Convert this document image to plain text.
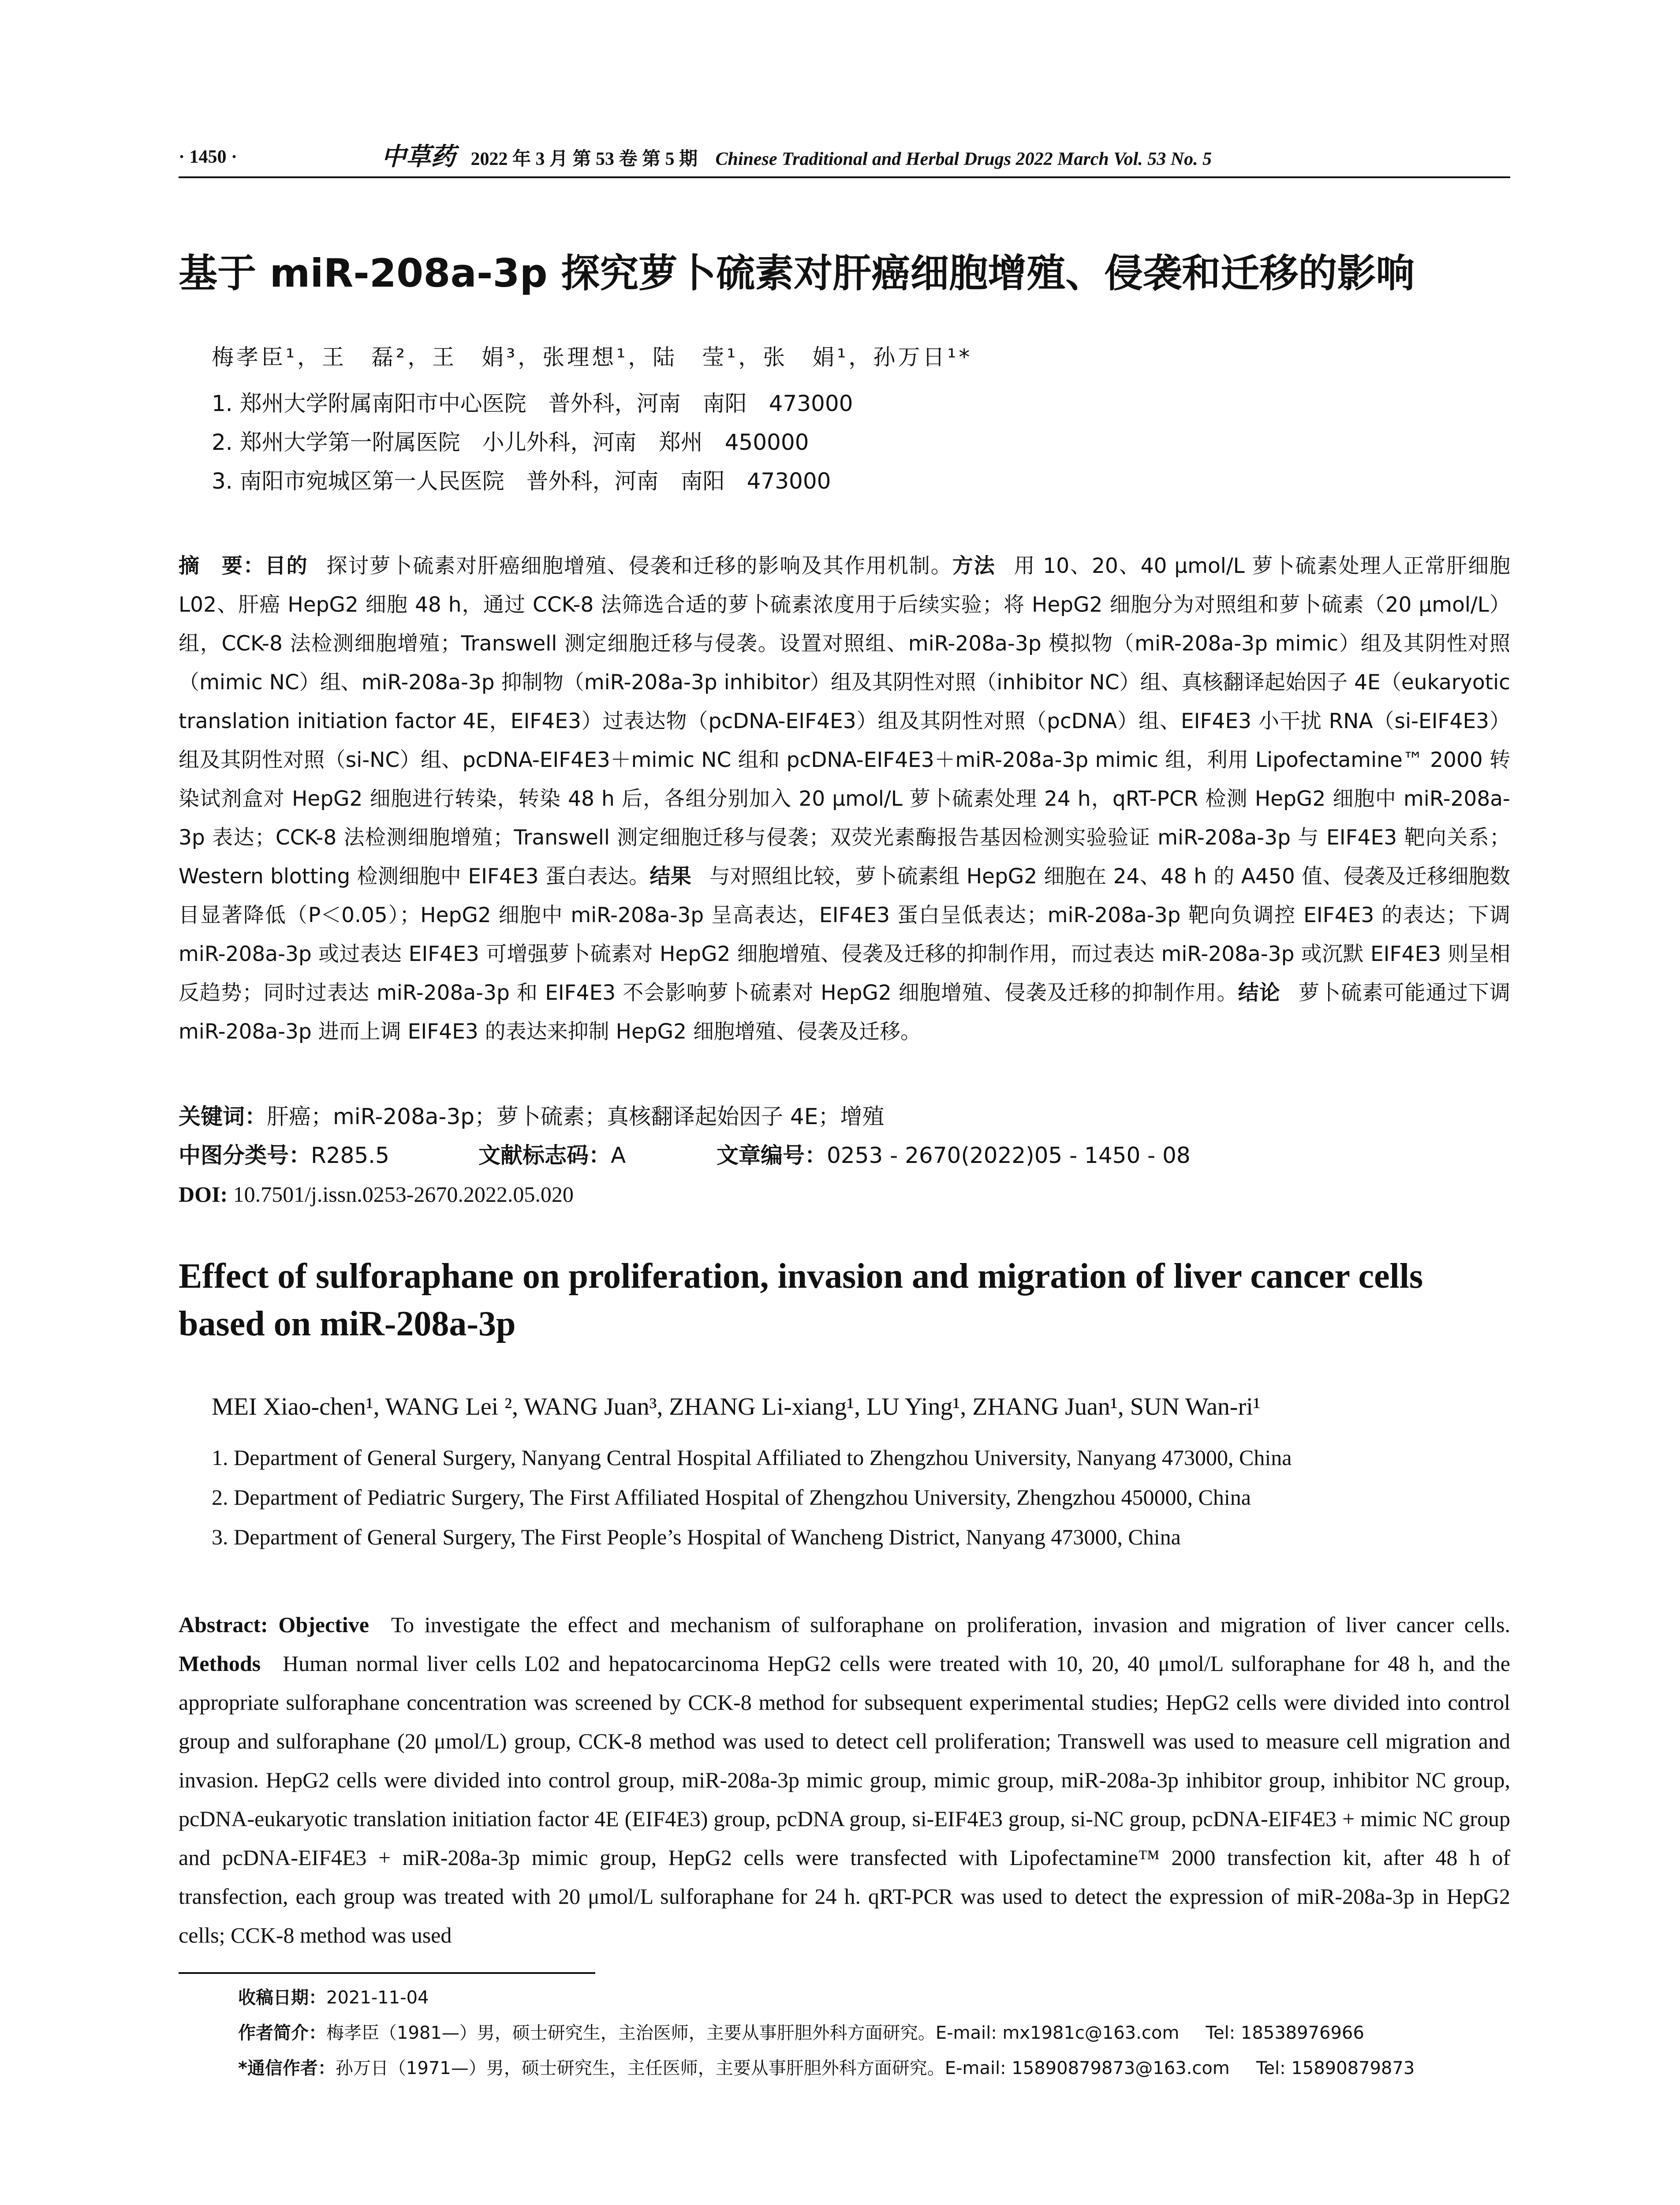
· 1450 ·	中草药 2022 年 3 月 第 53 卷 第 5 期 Chinese Traditional and Herbal Drugs 2022 March Vol. 53 No. 5
基于 miR-208a-3p 探究萝卜硫素对肝癌细胞增殖、侵袭和迁移的影响
梅孝臣¹，王　磊²，王　娟³，张理想¹，陆　莹¹，张　娟¹，孙万日¹*
1. 郑州大学附属南阳市中心医院　普外科，河南　南阳　473000
2. 郑州大学第一附属医院　小儿外科，河南　郑州　450000
3. 南阳市宛城区第一人民医院　普外科，河南　南阳　473000
摘　要：目的 探讨萝卜硫素对肝癌细胞增殖、侵袭和迁移的影响及其作用机制。方法 用 10、20、40 μmol/L 萝卜硫素处理人正常肝细胞 L02、肝癌 HepG2 细胞 48 h，通过 CCK-8 法筛选合适的萝卜硫素浓度用于后续实验；将 HepG2 细胞分为对照组和萝卜硫素（20 μmol/L）组，CCK-8 法检测细胞增殖；Transwell 测定细胞迁移与侵袭。设置对照组、miR-208a-3p 模拟物（miR-208a-3p mimic）组及其阴性对照（mimic NC）组、miR-208a-3p 抑制物（miR-208a-3p inhibitor）组及其阴性对照（inhibitor NC）组、真核翻译起始因子 4E（eukaryotic translation initiation factor 4E，EIF4E3）过表达物（pcDNA-EIF4E3）组及其阴性对照（pcDNA）组、EIF4E3 小干扰 RNA（si-EIF4E3）组及其阴性对照（si-NC）组、pcDNA-EIF4E3＋mimic NC 组和 pcDNA-EIF4E3＋miR-208a-3p mimic 组，利用 Lipofectamine™ 2000 转染试剂盒对 HepG2 细胞进行转染，转染 48 h 后，各组分别加入 20 μmol/L 萝卜硫素处理 24 h，qRT-PCR 检测 HepG2 细胞中 miR-208a-3p 表达；CCK-8 法检测细胞增殖；Transwell 测定细胞迁移与侵袭；双荧光素酶报告基因检测实验验证 miR-208a-3p 与 EIF4E3 靶向关系；Western blotting 检测细胞中 EIF4E3 蛋白表达。结果 与对照组比较，萝卜硫素组 HepG2 细胞在 24、48 h 的 A450 值、侵袭及迁移细胞数目显著降低（P＜0.05）；HepG2 细胞中 miR-208a-3p 呈高表达，EIF4E3 蛋白呈低表达；miR-208a-3p 靶向负调控 EIF4E3 的表达；下调 miR-208a-3p 或过表达 EIF4E3 可增强萝卜硫素对 HepG2 细胞增殖、侵袭及迁移的抑制作用，而过表达 miR-208a-3p 或沉默 EIF4E3 则呈相反趋势；同时过表达 miR-208a-3p 和 EIF4E3 不会影响萝卜硫素对 HepG2 细胞增殖、侵袭及迁移的抑制作用。结论 萝卜硫素可能通过下调 miR-208a-3p 进而上调 EIF4E3 的表达来抑制 HepG2 细胞增殖、侵袭及迁移。
关键词：肝癌；miR-208a-3p；萝卜硫素；真核翻译起始因子 4E；增殖
中图分类号：R285.5	文献标志码：A	文章编号：0253 - 2670(2022)05 - 1450 - 08
DOI: 10.7501/j.issn.0253-2670.2022.05.020
Effect of sulforaphane on proliferation, invasion and migration of liver cancer cells based on miR-208a-3p
MEI Xiao-chen¹, WANG Lei ², WANG Juan³, ZHANG Li-xiang¹, LU Ying¹, ZHANG Juan¹, SUN Wan-ri¹
1. Department of General Surgery, Nanyang Central Hospital Affiliated to Zhengzhou University, Nanyang 473000, China
2. Department of Pediatric Surgery, The First Affiliated Hospital of Zhengzhou University, Zhengzhou 450000, China
3. Department of General Surgery, The First People’s Hospital of Wancheng District, Nanyang 473000, China
Abstract: Objective To investigate the effect and mechanism of sulforaphane on proliferation, invasion and migration of liver cancer cells. Methods Human normal liver cells L02 and hepatocarcinoma HepG2 cells were treated with 10, 20, 40 μmol/L sulforaphane for 48 h, and the appropriate sulforaphane concentration was screened by CCK-8 method for subsequent experimental studies; HepG2 cells were divided into control group and sulforaphane (20 μmol/L) group, CCK-8 method was used to detect cell proliferation; Transwell was used to measure cell migration and invasion. HepG2 cells were divided into control group, miR-208a-3p mimic group, mimic group, miR-208a-3p inhibitor group, inhibitor NC group, pcDNA-eukaryotic translation initiation factor 4E (EIF4E3) group, pcDNA group, si-EIF4E3 group, si-NC group, pcDNA-EIF4E3 + mimic NC group and pcDNA-EIF4E3 + miR-208a-3p mimic group, HepG2 cells were transfected with Lipofectamine™ 2000 transfection kit, after 48 h of transfection, each group was treated with 20 μmol/L sulforaphane for 24 h. qRT-PCR was used to detect the expression of miR-208a-3p in HepG2 cells; CCK-8 method was used
收稿日期：2021-11-04
作者简介：梅孝臣（1981—）男，硕士研究生，主治医师，主要从事肝胆外科方面研究。E-mail: mx1981c@163.com Tel: 18538976966
*通信作者：孙万日（1971—）男，硕士研究生，主任医师，主要从事肝胆外科方面研究。E-mail: 15890879873@163.com Tel: 15890879873
